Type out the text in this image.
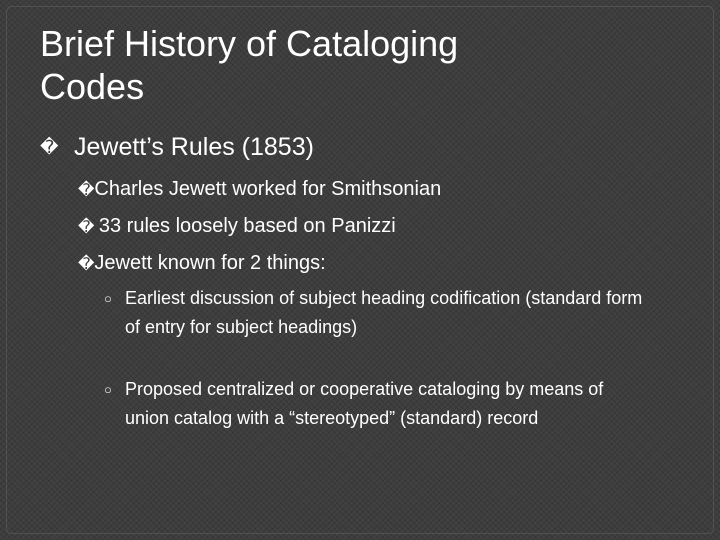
Brief History of Cataloging
Codes
� Jewett’s Rules (1853)
�Charles Jewett worked for Smithsonian
� 33 rules loosely based on Panizzi
�Jewett known for 2 things:
○ Earliest discussion of subject heading codification (standard form of entry for subject headings)
○ Proposed centralized or cooperative cataloging by means of union catalog with a “stereotyped” (standard) record
